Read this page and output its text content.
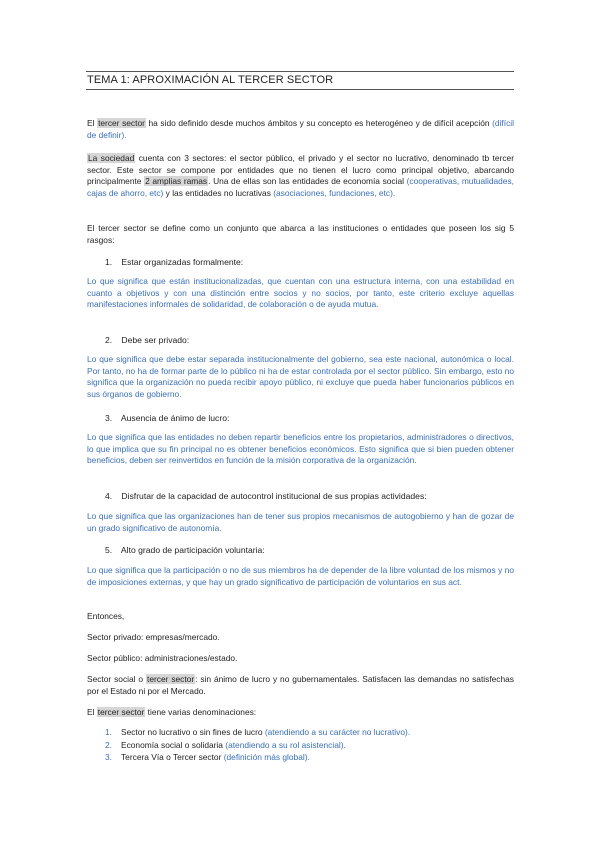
TEMA 1: APROXIMACIÓN AL TERCER SECTOR

El tercer sector ha sido definido desde muchos ámbitos y su concepto es heterogéneo y de difícil acepción (difícil de definir).

La sociedad cuenta con 3 sectores: el sector público, el privado y el sector no lucrativo, denominado tb tercer sector. Este sector se compone por entidades que no tienen el lucro como principal objetivo, abarcando principalmente 2 amplias ramas. Una de ellas son las entidades de economía social (cooperativas, mutualidades, cajas de ahorro, etc) y las entidades no lucrativas (asociaciones, fundaciones, etc).

El tercer sector se define como un conjunto que abarca a las instituciones o entidades que poseen los sig 5 rasgos:

1. Estar organizadas formalmente:

Lo que significa que están institucionalizadas, que cuentan con una estructura interna, con una estabilidad en cuanto a objetivos y con una distinción entre socios y no socios, por tanto, este criterio excluye aquellas manifestaciones informales de solidaridad, de colaboración o de ayuda mutua.

2. Debe ser privado:

Lo que significa que debe estar separada institucionalmente del gobierno, sea este nacional, autonómica o local. Por tanto, no ha de formar parte de lo público ni ha de estar controlada por el sector público. Sin embargo, esto no significa que la organización no pueda recibir apoyo público, ni excluye que pueda haber funcionarios públicos en sus órganos de gobierno.

3. Ausencia de ánimo de lucro:

Lo que significa que las entidades no deben repartir beneficios entre los propietarios, administradores o directivos, lo que implica que su fin principal no es obtener beneficios económicos. Esto significa que si bien pueden obtener beneficios, deben ser reinvertidos en función de la misión corporativa de la organización.

4. Disfrutar de la capacidad de autocontrol institucional de sus propias actividades:

Lo que significa que las organizaciones han de tener sus propios mecanismos de autogobierno y han de gozar de un grado significativo de autonomía.

5. Alto grado de participación voluntaria:

Lo que significa que la participación o no de sus miembros ha de depender de la libre voluntad de los mismos y no de imposiciones externas, y que hay un grado significativo de participación de voluntarios en sus act.

Entonces,

Sector privado: empresas/mercado.

Sector público: administraciones/estado.

Sector social o tercer sector: sin ánimo de lucro y no gubernamentales. Satisfacen las demandas no satisfechas por el Estado ni por el Mercado.

El tercer sector tiene varias denominaciones:

1. Sector no lucrativo o sin fines de lucro (atendiendo a su carácter no lucrativo).
2. Economía social o solidaria (atendiendo a su rol asistencial).
3. Tercera Vía o Tercer sector (definición más global).
